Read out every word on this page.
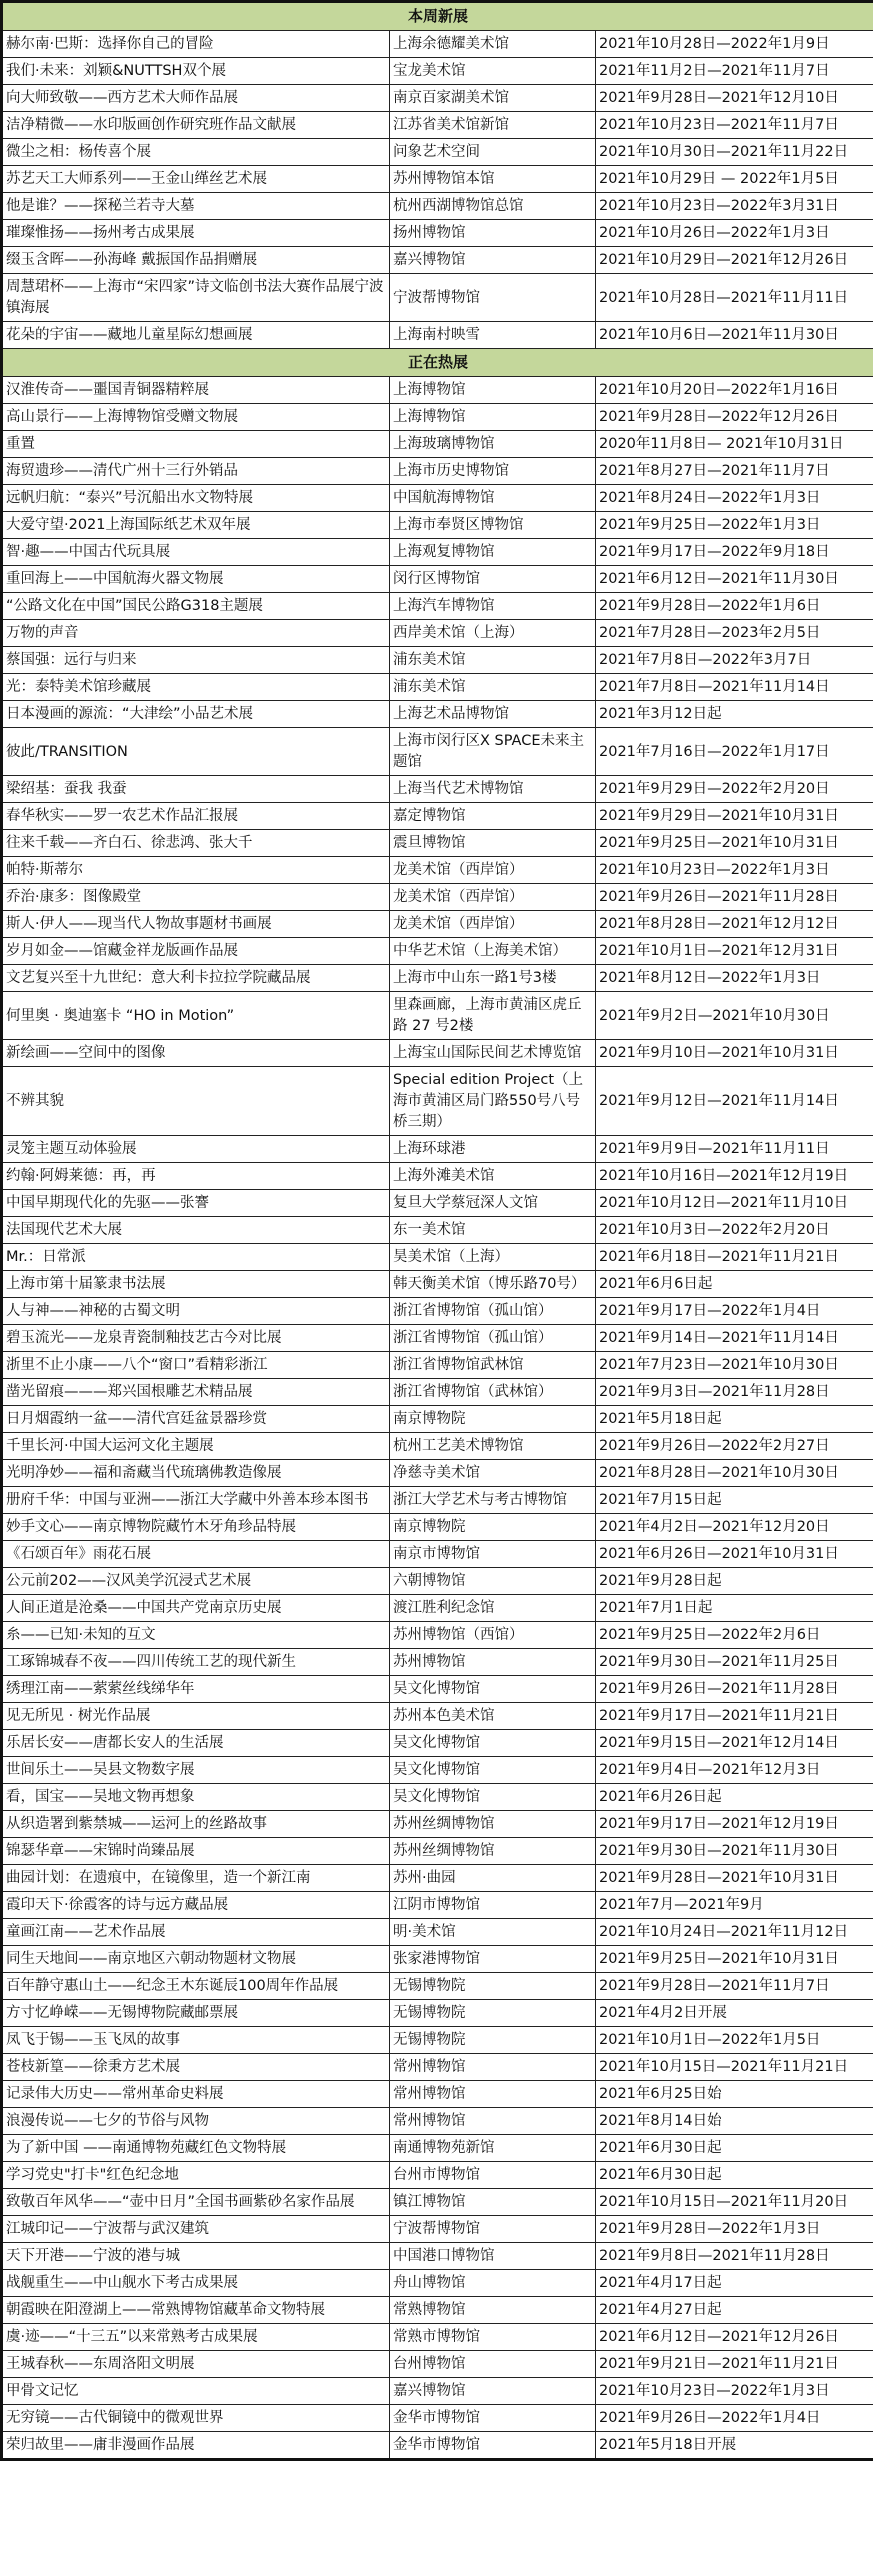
本周新展		
赫尔南·巴斯：选择你自己的冒险	上海余德耀美术馆	2021年10月28日—2022年1月9日
我们·未来：刘颖&NUTTSH双个展	宝龙美术馆	2021年11月2日—2021年11月7日
向大师致敬——西方艺术大师作品展	南京百家湖美术馆	2021年9月28日—2021年12月10日
洁净精微——水印版画创作研究班作品文献展	江苏省美术馆新馆	2021年10月23日—2021年11月7日
微尘之相：杨传喜个展	问象艺术空间	2021年10月30日—2021年11月22日
苏艺天工大师系列——王金山缂丝艺术展	苏州博物馆本馆	2021年10月29日 — 2022年1月5日
他是谁？——探秘兰若寺大墓	杭州西湖博物馆总馆	2021年10月23日—2022年3月31日
璀璨惟扬——扬州考古成果展	扬州博物馆	2021年10月26日—2022年1月3日
缀玉含晖——孙海峰 戴振国作品捐赠展	嘉兴博物馆	2021年10月29日—2021年12月26日
周慧珺杯——上海市“宋四家”诗文临创书法大赛作品展宁波镇海展	宁波帮博物馆	2021年10月28日—2021年11月11日
花朵的宇宙——藏地儿童星际幻想画展	上海南村映雪	2021年10月6日—2021年11月30日
正在热展		
汉淮传奇——噩国青铜器精粹展	上海博物馆	2021年10月20日—2022年1月16日
高山景行——上海博物馆受赠文物展	上海博物馆	2021年9月28日—2022年12月26日
重置	上海玻璃博物馆	2020年11月8日— 2021年10月31日
海贸遗珍——清代广州十三行外销品	上海市历史博物馆	2021年8月27日—2021年11月7日
远帆归航：“泰兴”号沉船出水文物特展	中国航海博物馆	2021年8月24日—2022年1月3日
大爱守望·2021上海国际纸艺术双年展	上海市奉贤区博物馆	2021年9月25日—2022年1月3日
智·趣——中国古代玩具展	上海观复博物馆	2021年9月17日—2022年9月18日
重回海上——中国航海火器文物展	闵行区博物馆	2021年6月12日—2021年11月30日
“公路文化在中国”国民公路G318主题展	上海汽车博物馆	2021年9月28日—2022年1月6日
万物的声音	西岸美术馆（上海）	2021年7月28日—2023年2月5日
蔡国强：远行与归来	浦东美术馆	2021年7月8日—2022年3月7日
光：泰特美术馆珍藏展	浦东美术馆	2021年7月8日—2021年11月14日
日本漫画的源流：“大津绘”小品艺术展	上海艺术品博物馆	2021年3月12日起
彼此/TRANSITION	上海市闵行区X SPACE未来主题馆	2021年7月16日—2022年1月17日
梁绍基：蚕我 我蚕	上海当代艺术博物馆	2021年9月29日—2022年2月20日
春华秋实——罗一农艺术作品汇报展	嘉定博物馆	2021年9月29日—2021年10月31日
往来千载——齐白石、徐悲鸿、张大千	震旦博物馆	2021年9月25日—2021年10月31日
帕特·斯蒂尔	龙美术馆（西岸馆）	2021年10月23日—2022年1月3日
乔治·康多：图像殿堂	龙美术馆（西岸馆）	2021年9月26日—2021年11月28日
斯人·伊人——现当代人物故事题材书画展	龙美术馆（西岸馆）	2021年8月28日—2021年12月12日
岁月如金——馆藏金祥龙版画作品展	中华艺术馆（上海美术馆）	2021年10月1日—2021年12月31日
文艺复兴至十九世纪：意大利卡拉拉学院藏品展	上海市中山东一路1号3楼	2021年8月12日—2022年1月3日
何里奥 · 奥迪塞卡 “HO in Motion”	里森画廊，上海市黄浦区虎丘路 27 号2楼	2021年9月2日—2021年10月30日
新绘画——空间中的图像	上海宝山国际民间艺术博览馆	2021年9月10日—2021年10月31日
不辨其貌	Special edition Project（上海市黄浦区局门路550号八号桥三期）	2021年9月12日—2021年11月14日
灵笼主题互动体验展	上海环球港	2021年9月9日—2021年11月11日
约翰·阿姆莱德：再，再	上海外滩美术馆	2021年10月16日—2021年12月19日
中国早期现代化的先驱——张謇	复旦大学蔡冠深人文馆	2021年10月12日—2021年11月10日
法国现代艺术大展	东一美术馆	2021年10月3日—2022年2月20日
Mr.：日常派	昊美术馆（上海）	2021年6月18日—2021年11月21日
上海市第十届篆隶书法展	韩天衡美术馆（博乐路70号）	2021年6月6日起
人与神——神秘的古蜀文明	浙江省博物馆（孤山馆）	2021年9月17日—2022年1月4日
碧玉流光——龙泉青瓷制釉技艺古今对比展	浙江省博物馆（孤山馆）	2021年9月14日—2021年11月14日
浙里不止小康——八个“窗口”看精彩浙江	浙江省博物馆武林馆	2021年7月23日—2021年10月30日
凿光留痕———郑兴国根雕艺术精品展	浙江省博物馆（武林馆）	2021年9月3日—2021年11月28日
日月烟霞纳一盆——清代宫廷盆景器珍赏	南京博物院	2021年5月18日起
千里长河·中国大运河文化主题展	杭州工艺美术博物馆	2021年9月26日—2022年2月27日
光明净妙——福和斋藏当代琉璃佛教造像展	净慈寺美术馆	2021年8月28日—2021年10月30日
册府千华：中国与亚洲——浙江大学藏中外善本珍本图书	浙江大学艺术与考古博物馆	2021年7月15日起
妙手文心——南京博物院藏竹木牙角珍品特展	南京博物院	2021年4月2日—2021年12月20日
《石颂百年》雨花石展	南京市博物馆	2021年6月26日—2021年10月31日
公元前202——汉风美学沉浸式艺术展	六朝博物馆	2021年9月28日起
人间正道是沧桑——中国共产党南京历史展	渡江胜利纪念馆	2021年7月1日起
糸——已知·未知的互文	苏州博物馆（西馆）	2021年9月25日—2022年2月6日
工琢锦城春不夜——四川传统工艺的现代新生	苏州博物馆	2021年9月30日—2021年11月25日
绣理江南——萦萦丝线绨华年	吴文化博物馆	2021年9月26日—2021年11月28日
见无所见 · 树光作品展	苏州本色美术馆	2021年9月17日—2021年11月21日
乐居长安——唐都长安人的生活展	吴文化博物馆	2021年9月15日—2021年12月14日
世间乐土——吴县文物数字展	吴文化博物馆	2021年9月4日—2021年12月3日
看，国宝——吴地文物再想象	吴文化博物馆	2021年6月26日起
从织造署到紫禁城——运河上的丝路故事	苏州丝绸博物馆	2021年9月17日—2021年12月19日
锦瑟华章——宋锦时尚臻品展	苏州丝绸博物馆	2021年9月30日—2021年11月30日
曲园计划：在遗痕中，在镜像里，造一个新江南	苏州·曲园	2021年9月28日—2021年10月31日
霞印天下·徐霞客的诗与远方藏品展	江阴市博物馆	2021年7月—2021年9月
童画江南——艺术作品展	明·美术馆	2021年10月24日—2021年11月12日
同生天地间——南京地区六朝动物题材文物展	张家港博物馆	2021年9月25日—2021年10月31日
百年静守惠山土——纪念王木东诞辰100周年作品展	无锡博物院	2021年9月28日—2021年11月7日
方寸忆峥嵘——无锡博物院藏邮票展	无锡博物院	2021年4月2日开展
凤飞于锡——玉飞凤的故事	无锡博物院	2021年10月1日—2022年1月5日
苍枝新篁——徐秉方艺术展	常州博物馆	2021年10月15日—2021年11月21日
记录伟大历史——常州革命史料展	常州博物馆	2021年6月25日始
浪漫传说——七夕的节俗与风物	常州博物馆	2021年8月14日始
为了新中国 ——南通博物苑藏红色文物特展	南通博物苑新馆	2021年6月30日起
学习党史"打卡"红色纪念地	台州市博物馆	2021年6月30日起
致敬百年风华——“壶中日月”全国书画紫砂名家作品展	镇江博物馆	2021年10月15日—2021年11月20日
江城印记——宁波帮与武汉建筑	宁波帮博物馆	2021年9月28日—2022年1月3日
天下开港——宁波的港与城	中国港口博物馆	2021年9月8日—2021年11月28日
战舰重生——中山舰水下考古成果展	舟山博物馆	2021年4月17日起
朝霞映在阳澄湖上——常熟博物馆藏革命文物特展	常熟博物馆	2021年4月27日起
虞·迹——“十三五”以来常熟考古成果展	常熟市博物馆	2021年6月12日—2021年12月26日
王城春秋——东周洛阳文明展	台州博物馆	2021年9月21日—2021年11月21日
甲骨文记忆	嘉兴博物馆	2021年10月23日—2022年1月3日
无穷镜——古代铜镜中的微观世界	金华市博物馆	2021年9月26日—2022年1月4日
荣归故里——庸非漫画作品展	金华市博物馆	2021年5月18日开展
